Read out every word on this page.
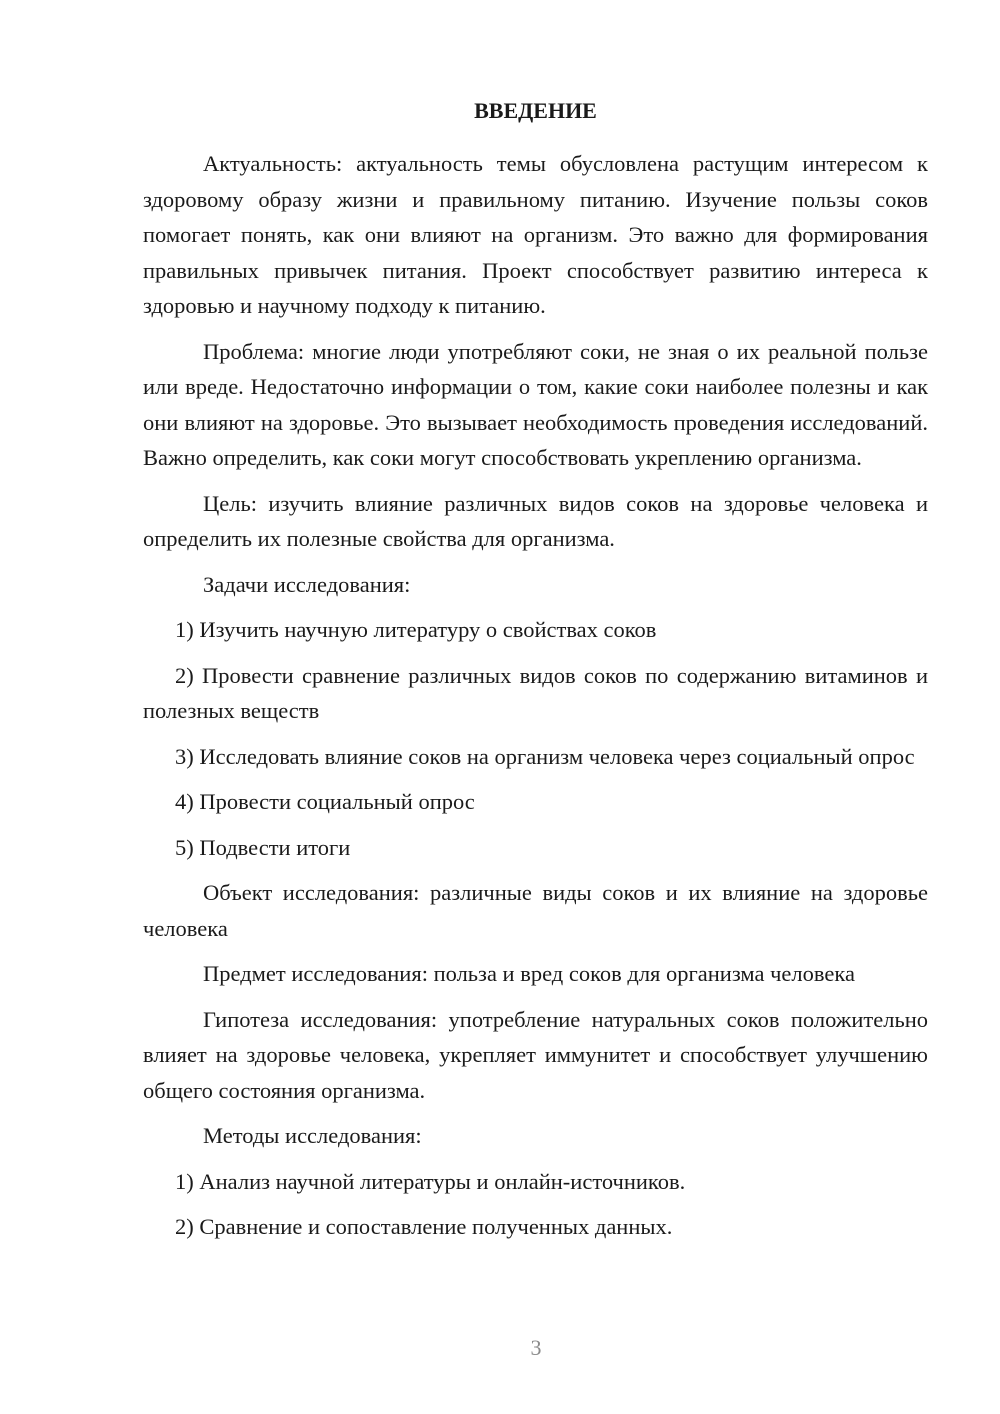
ВВЕДЕНИЕ

Актуальность: актуальность темы обусловлена растущим интересом к здоровому образу жизни и правильному питанию. Изучение пользы соков помогает понять, как они влияют на организм. Это важно для формирования правильных привычек питания. Проект способствует развитию интереса к здоровью и научному подходу к питанию.

Проблема: многие люди употребляют соки, не зная о их реальной пользе или вреде. Недостаточно информации о том, какие соки наиболее полезны и как они влияют на здоровье. Это вызывает необходимость проведения исследований. Важно определить, как соки могут способствовать укреплению организма.

Цель: изучить влияние различных видов соков на здоровье человека и определить их полезные свойства для организма.

Задачи исследования:

1) Изучить научную литературу о свойствах соков

2) Провести сравнение различных видов соков по содержанию витаминов и полезных веществ

3) Исследовать влияние соков на организм человека через социальный опрос

4) Провести социальный опрос

5) Подвести итоги

Объект исследования: различные виды соков и их влияние на здоровье человека

Предмет исследования: польза и вред соков для организма человека

Гипотеза исследования: употребление натуральных соков положительно влияет на здоровье человека, укрепляет иммунитет и способствует улучшению общего состояния организма.

Методы исследования:

1) Анализ научной литературы и онлайн-источников.

2) Сравнение и сопоставление полученных данных.

3
